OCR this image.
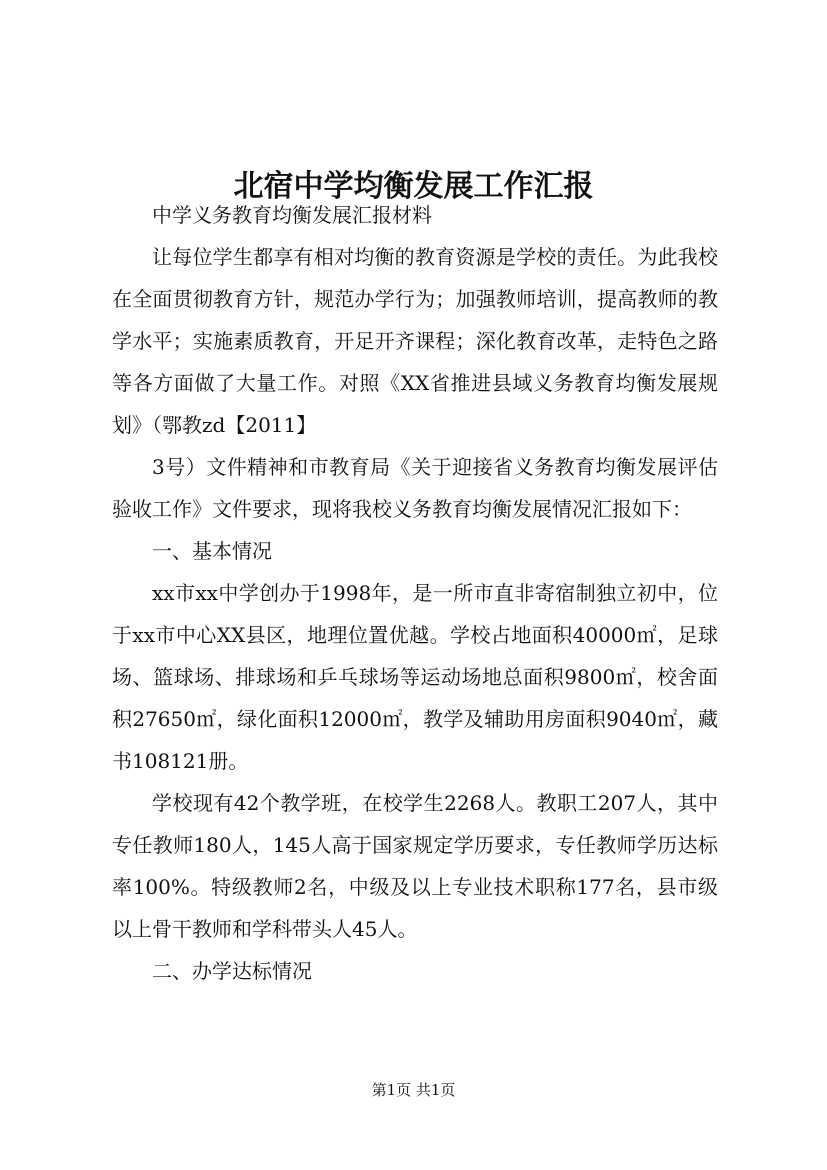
北宿中学均衡发展工作汇报

中学义务教育均衡发展汇报材料

让每位学生都享有相对均衡的教育资源是学校的责任。为此我校在全面贯彻教育方针，规范办学行为；加强教师培训，提高教师的教学水平；实施素质教育，开足开齐课程；深化教育改革，走特色之路等各方面做了大量工作。对照《XX省推进县域义务教育均衡发展规划》（鄂教zd【2011】

3号）文件精神和市教育局《关于迎接省义务教育均衡发展评估验收工作》文件要求，现将我校义务教育均衡发展情况汇报如下：

一、基本情况

xx市xx中学创办于1998年，是一所市直非寄宿制独立初中，位于xx市中心XX县区，地理位置优越。学校占地面积40000㎡，足球场、篮球场、排球场和乒乓球场等运动场地总面积9800㎡，校舍面积27650㎡，绿化面积12000㎡，教学及辅助用房面积9040㎡，藏书108121册。

学校现有42个教学班，在校学生2268人。教职工207人，其中专任教师180人，145人高于国家规定学历要求，专任教师学历达标率100%。特级教师2名，中级及以上专业技术职称177名，县市级以上骨干教师和学科带头人45人。

二、办学达标情况

第1页 共1页
